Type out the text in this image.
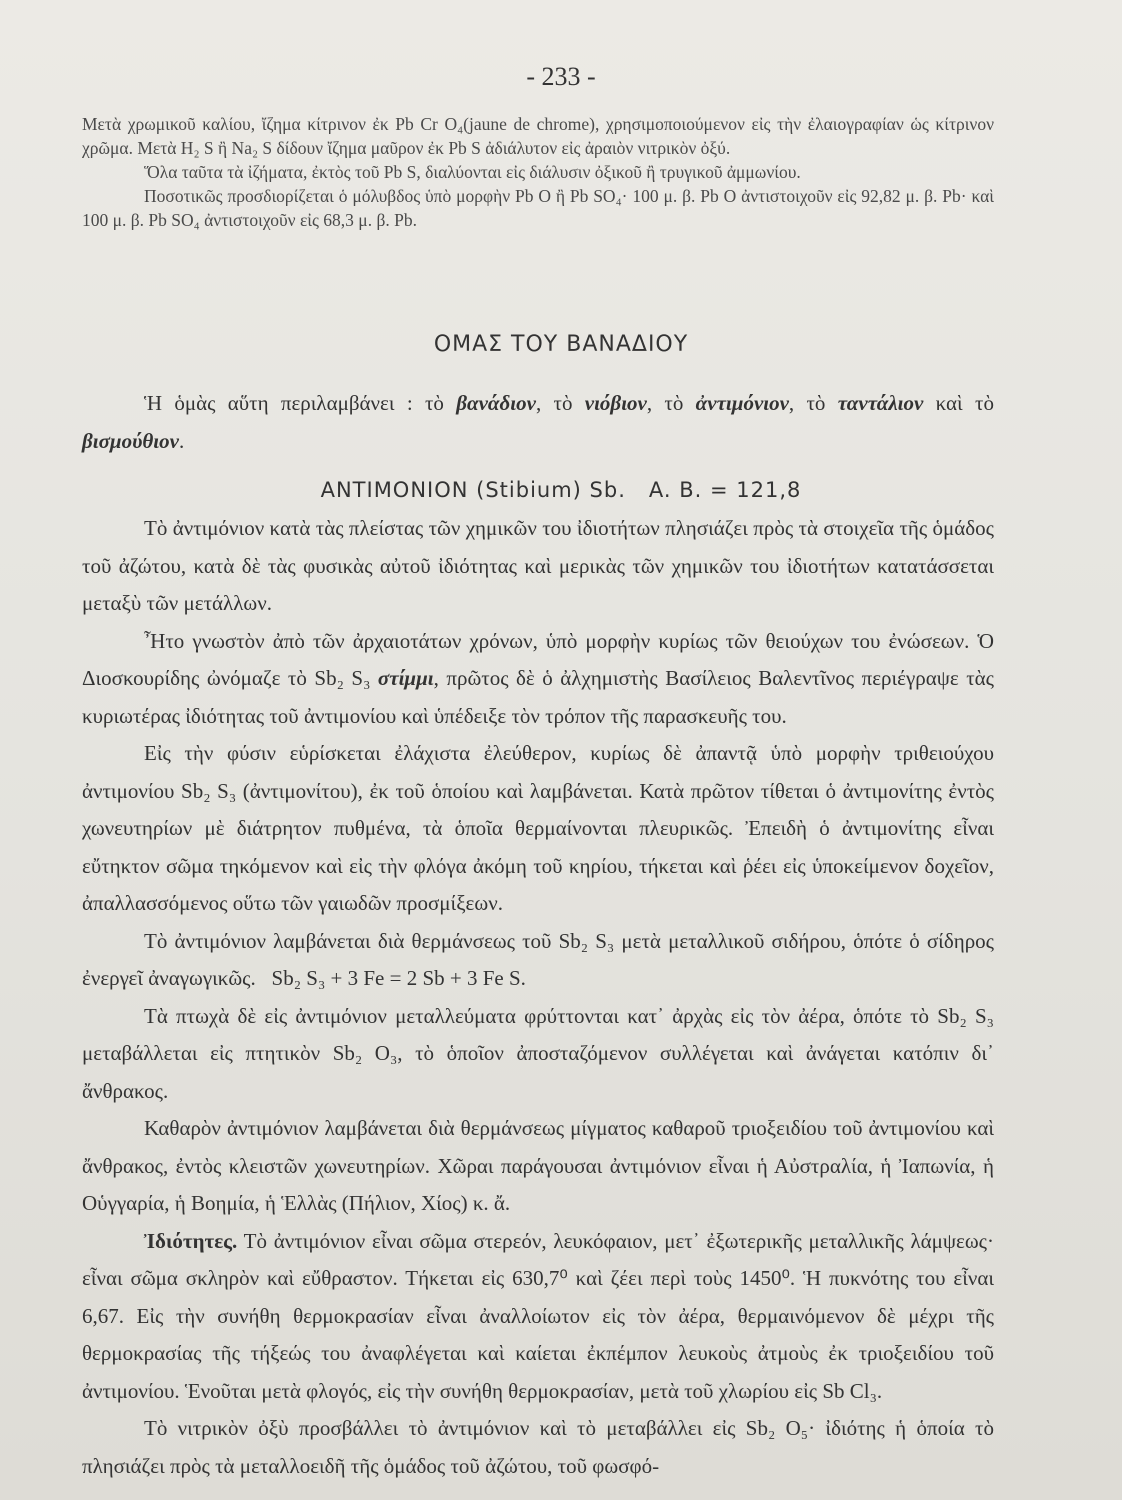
- 233 -

Μετὰ χρωμικοῦ καλίου, ἴζημα κίτρινον ἐκ Pb Cr O₄(jaune de chrome), χρησιμοποιούμενον εἰς τὴν ἐλαιογραφίαν ὡς κίτρινον χρῶμα. Μετὰ H₂ S ἢ Na₂ S δίδουν ἴζημα μαῦρον ἐκ Pb S ἀδιάλυτον εἰς ἀραιὸν νιτρικὸν ὀξύ.

Ὅλα ταῦτα τὰ ἰζήματα, ἐκτὸς τοῦ Pb S, διαλύονται εἰς διάλυσιν ὀξικοῦ ἢ τρυγικοῦ ἀμμωνίου.

Ποσοτικῶς προσδιορίζεται ὁ μόλυβδος ὑπὸ μορφὴν Pb O ἢ Pb SO₄· 100 μ. β. Pb O ἀντιστοιχοῦν εἰς 92,82 μ. β. Pb· καὶ 100 μ. β. Pb SO₄ ἀντιστοιχοῦν εἰς 68,3 μ. β. Pb.

ΟΜΑΣ ΤΟΥ ΒΑΝΑΔΙΟΥ

Ἡ ὁμὰς αὕτη περιλαμβάνει : τὸ βανάδιον, τὸ νιόβιον, τὸ ἀντιμόνιον, τὸ ταντάλιον καὶ τὸ βισμούθιον.

ANTIMONION (Stibium) Sb.   A. B. = 121,8

Τὸ ἀντιμόνιον κατὰ τὰς πλείστας τῶν χημικῶν του ἰδιοτήτων πλησιάζει πρὸς τὰ στοιχεῖα τῆς ὁμάδος τοῦ ἀζώτου, κατὰ δὲ τὰς φυσικὰς αὐτοῦ ἰδιότητας καὶ μερικὰς τῶν χημικῶν του ἰδιοτήτων κατατάσσεται μεταξὺ τῶν μετάλλων.

Ἦτο γνωστὸν ἀπὸ τῶν ἀρχαιοτάτων χρόνων, ὑπὸ μορφὴν κυρίως τῶν θειούχων του ἐνώσεων. Ὁ Διοσκουρίδης ὠνόμαζε τὸ Sb₂ S₃ στίμμι, πρῶτος δὲ ὁ ἀλχημιστὴς Βασίλειος Βαλεντῖνος περιέγραψε τὰς κυριωτέρας ἰδιότητας τοῦ ἀντιμονίου καὶ ὑπέδειξε τὸν τρόπον τῆς παρασκευῆς του.

Εἰς τὴν φύσιν εὑρίσκεται ἐλάχιστα ἐλεύθερον, κυρίως δὲ ἀπαντᾷ ὑπὸ μορφὴν τριθειούχου ἀντιμονίου Sb₂ S₃ (ἀντιμονίτου), ἐκ τοῦ ὁποίου καὶ λαμβάνεται. Κατὰ πρῶτον τίθεται ὁ ἀντιμονίτης ἐντὸς χωνευτηρίων μὲ διάτρητον πυθμένα, τὰ ὁποῖα θερμαίνονται πλευρικῶς. Ἐπειδὴ ὁ ἀντιμονίτης εἶναι εὔτηκτον σῶμα τηκόμενον καὶ εἰς τὴν φλόγα ἀκόμη τοῦ κηρίου, τήκεται καὶ ῥέει εἰς ὑποκείμενον δοχεῖον, ἀπαλλασσόμενος οὕτω τῶν γαιωδῶν προσμίξεων.

Τὸ ἀντιμόνιον λαμβάνεται διὰ θερμάνσεως τοῦ Sb₂ S₃ μετὰ μεταλλικοῦ σιδήρου, ὁπότε ὁ σίδηρος ἐνεργεῖ ἀναγωγικῶς. Sb₂ S₃ + 3 Fe = 2 Sb + 3 Fe S.

Τὰ πτωχὰ δὲ εἰς ἀντιμόνιον μεταλλεύματα φρύττονται κατ᾽ ἀρχὰς εἰς τὸν ἀέρα, ὁπότε τὸ Sb₂ S₃ μεταβάλλεται εἰς πτητικὸν Sb₂ O₃, τὸ ὁποῖον ἀποσταζόμενον συλλέγεται καὶ ἀνάγεται κατόπιν δι᾽ ἄνθρακος.

Καθαρὸν ἀντιμόνιον λαμβάνεται διὰ θερμάνσεως μίγματος καθαροῦ τριοξειδίου τοῦ ἀντιμονίου καὶ ἄνθρακος, ἐντὸς κλειστῶν χωνευτηρίων. Χῶραι παράγουσαι ἀντιμόνιον εἶναι ἡ Αὐστραλία, ἡ Ἰαπωνία, ἡ Οὑγγαρία, ἡ Βοημία, ἡ Ἑλλὰς (Πήλιον, Χίος) κ. ἄ.

Ἰδιότητες. Τὸ ἀντιμόνιον εἶναι σῶμα στερεόν, λευκόφαιον, μετ᾽ ἐξωτερικῆς μεταλλικῆς λάμψεως· εἶναι σῶμα σκληρὸν καὶ εὔθραστον. Τήκεται εἰς 630,7⁰ καὶ ζέει περὶ τοὺς 1450⁰. Ἡ πυκνότης του εἶναι 6,67. Εἰς τὴν συνήθη θερμοκρασίαν εἶναι ἀναλλοίωτον εἰς τὸν ἀέρα, θερμαινόμενον δὲ μέχρι τῆς θερμοκρασίας τῆς τήξεώς του ἀναφλέγεται καὶ καίεται ἐκπέμπον λευκοὺς ἀτμοὺς ἐκ τριοξειδίου τοῦ ἀντιμονίου. Ἑνοῦται μετὰ φλογός, εἰς τὴν συνήθη θερμοκρασίαν, μετὰ τοῦ χλωρίου εἰς Sb Cl₃.

Τὸ νιτρικὸν ὀξὺ προσβάλλει τὸ ἀντιμόνιον καὶ τὸ μεταβάλλει εἰς Sb₂ O₅· ἰδιότης ἡ ὁποία τὸ πλησιάζει πρὸς τὰ μεταλλοειδῆ τῆς ὁμάδος τοῦ ἀζώτου, τοῦ φωσφό-
